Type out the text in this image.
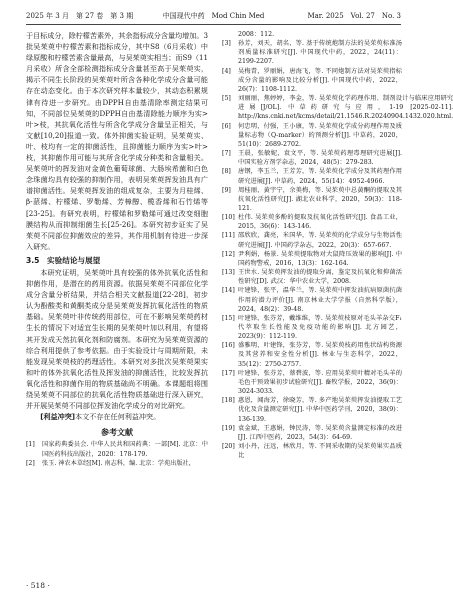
2025 年 3 月　第 27 卷　第 3 期	中国现代中药　Mod Chin Med	Mar. 2025　Vol. 27　No. 3

于目标成分，除柠檬苦素外，其余指标成分含量均增加。3批吴茱萸中柠檬苦素和指标成分，其中S8（6月采收）中绿原酸和柠檬苦素含量最高，与吴茱萸实相当；而S9（11月采收）所含全部检测指标成分含量甚至高于吴茱萸实，揭示不同生长阶段的吴茱萸叶所含各种化学成分含量可能存在动态变化。由于本次研究样本量较少，其动态积累规律有待进一步研究。由DPPH自由基清除率测定结果可知，不同部位吴茱萸的DPPH自由基清除能力顺序为实>叶>枝，其抗氧化活性与所含化学成分含量呈正相关，与文献[10,20]报道一致。体外抑菌实验证明，吴茱萸实、叶、枝均有一定的抑菌活性，且抑菌能力顺序为实>叶>枝，其抑菌作用可能与其所含化学成分种类和含量相关。吴茱萸叶的挥发油对金黄色葡萄球菌、大肠埃希菌和白色念珠菌均具有较强的抑制作用，表明吴茱萸挥发油具有广谱抑菌活性。吴茱萸挥发油的组成复杂，主要为月桂烯、β-蒎烯、柠檬烯、罗勒烯、芳樟醇、榄香烯和石竹烯等[23-25]。有研究表明，柠檬烯和罗勒烯可通过改变细胞膜结构从而抑制细菌生长[25-26]。本研究初步证实了吴茱萸不同部位抑菌效应的差异，其作用机制有待进一步深入研究。

3.5　实验结论与展望

本研究证明，吴茱萸叶具有较强的体外抗氧化活性和抑菌作用，是潜在的药用资源。依据吴茱萸不同部位化学成分含量分析结果，并结合相关文献报道[22-28]，初步认为酚酸类和黄酮类成分是吴茱萸发挥抗氧化活性的物质基础。吴茱萸叶非传统药用部位，可在不影响吴茱萸药材生长的情况下对适宜生长期的吴茱萸叶加以利用，有望将其开发成天然抗氧化剂和防腐剂。本研究为吴茱萸资源的综合利用提供了参考依据。由于实验设计与周期所限，未能发现吴茱萸枝的药理活性。本研究对多批次吴茱萸果实和叶的体外抗氧化活性及挥发油的抑菌活性，比较发挥抗氧化活性和抑菌作用的物质基础尚不明确。本课题组将围绕吴茱萸不同部位的抗氧化活性物质基础进行深入研究，并开展吴茱萸不同部位挥发油化学成分的对比研究。

[利益冲突]本文不存在任何利益冲突。

参考文献
[1]	国家药典委员会. 中华人民共和国药典：一部[M]. 北京：中国医药科技出版社，2020：178-179.
[2]	张玉. 神农本草经[M]. 南志科，编. 北京：学苑出版社，
2008：112.
[3]	孙芳，刘天，胡名，等. 基于传统炮制方法的吴茱萸标准汤剂质量标准研究[J]. 中国现代中药，2022，24(11)：2199-2207.
[4]	吴梅青，罗丽娟，唐海飞，等. 不同炮制方法对吴茱萸指标成分含量的影响及比较分析[J]. 中国现代中药，2022，26(7)：1108-1112.
[5]	刘丽丽，焦婷婷，李金，等. 吴茱萸化学药理作用、制剂设计与临床应用研究进展[J/OL]. 中草药研究与应用，1-19 [2025-02-11]. http://kns.cnki.net/kcms/detail/21.1546.R.20240904.1432.020.html.
[6]	何忠明，付强，王小康，等. 吴茱萸化学成分药理作用及质量标志物（Q-marker）的预测分析[J]. 中草药，2020，51(10)：2689-2702.
[7]	王晨，张敏妮，袁文平，等. 吴茱萸药理毒理研究进展[J]. 中国实验方剂学杂志，2024，48(5)：279-283.
[8]	唐钢，李玉兰，王芳芳，等. 吴茱萸化学成分及其药理作用研究进展[J]. 中草药，2024，55(14)：4952-4966.
[9]	周桂丽，黄宇宁，余美梅，等. 吴茱萸中总黄酮的提取及其抗氧化活性研究[J]. 湖北农业科学，2020，59(3)：118-121.
[10] 杜伟. 吴茱萸多酚的提取及抗氧化活性研究[J]. 食品工业，2015，36(6)：143-146.
[11] 邵欣欣，龚亮，米国华，等. 吴茱萸的化学成分与生物活性研究进展[J]. 中国药学杂志，2022，20(3)：657-667.
[12] 尹利娟，杨景. 吴茱萸提取物对大鼠降压效果的影响[J]. 中国药物警戒，2016，13(3)：162-164.
[13] 王世水. 吴茱萸挥发油的提取分离，鉴定及抗氧化和抑菌活性研究[D]. 武汉：华中农业大学，2008.
[14] 叶建锋，张平，温华兰，等. 吴茱萸中挥发油抗病原菌抗菌作用的潜力评价[J]. 南京林业大学学报（自然科学版），2024，48(2)：39-48.
[15] 叶建锋，张芬芳，戴维维，等. 吴茱萸枝原对毛头羊杂交F₁代萃取生长性能及免疫功能的影响[J]. 北方园艺，2023(9)：112-119.
[16] 盛雅明，叶建锋，张芬芳，等. 吴茱萸枝药用性状结构资源及其营养和安全性分析[J]. 林业与生态科学，2022，35(12)：2750-2757.
[17] 叶建锋，张芬芳，蔡碧波，等. 应用吴茱萸叶精对毛头羊的毛色干预效果初步试验研究[J]. 畜牧学报，2022，36(9)：3024-3033.
[18] 惠恩，闻海芳，徐晓芳，等. 多产地吴茱萸挥发油提取工艺优化及含量测定研究[J]. 中华中医药学刊，2020，38(9)：136-139.
[19] 袁金斌，王惠娟，钟民涛，等. 吴茱萸含量测定标准的改进[J]. 江西中医药，2023，54(3)：64-69.
[20] 刘小丹，汪远，林欣月，等. 不同采收期的吴茱萸果实品质比
· 518 ·
